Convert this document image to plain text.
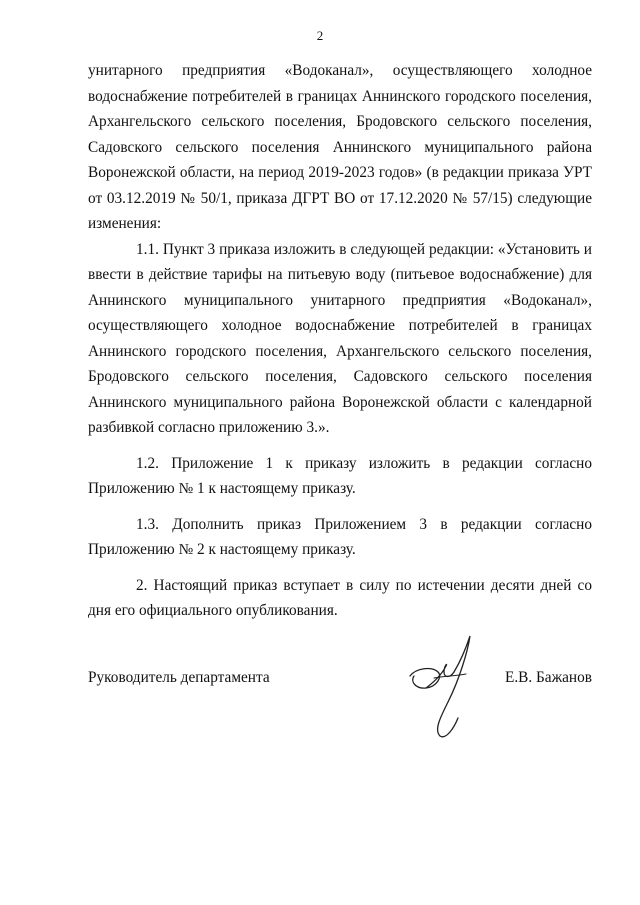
2

унитарного предприятия «Водоканал», осуществляющего холодное водоснабжение потребителей в границах Аннинского городского поселения, Архангельского сельского поселения, Бродовского сельского поселения, Садовского сельского поселения Аннинского муниципального района Воронежской области, на период 2019-2023 годов» (в редакции приказа УРТ от 03.12.2019 № 50/1, приказа ДГРТ ВО от 17.12.2020 № 57/15) следующие изменения:

1.1. Пункт 3 приказа изложить в следующей редакции: «Установить и ввести в действие тарифы на питьевую воду (питьевое водоснабжение) для Аннинского муниципального унитарного предприятия «Водоканал», осуществляющего холодное водоснабжение потребителей в границах Аннинского городского поселения, Архангельского сельского поселения, Бродовского сельского поселения, Садовского сельского поселения Аннинского муниципального района Воронежской области с календарной разбивкой согласно приложению 3.».

1.2. Приложение 1 к приказу изложить в редакции согласно Приложению № 1 к настоящему приказу.

1.3. Дополнить приказ Приложением 3 в редакции согласно Приложению № 2 к настоящему приказу.

2. Настоящий приказ вступает в силу по истечении десяти дней со дня его официального опубликования.

Руководитель департамента	Е.В. Бажанов
